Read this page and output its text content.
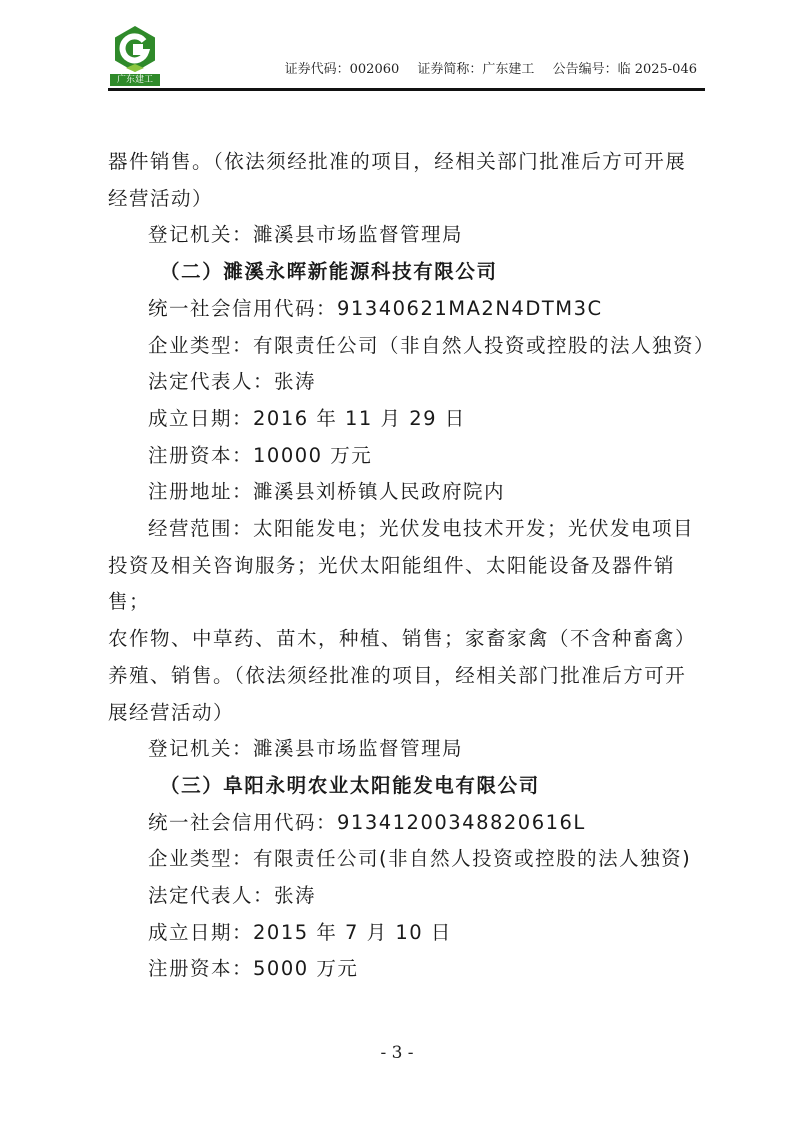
广东建工
证券代码：002060 证券简称：广东建工 公告编号：临 2025-046

器件销售。（依法须经批准的项目，经相关部门批准后方可开展

经营活动）

登记机关：濉溪县市场监督管理局

（二）濉溪永晖新能源科技有限公司

统一社会信用代码：91340621MA2N4DTM3C

企业类型：有限责任公司（非自然人投资或控股的法人独资）

法定代表人：张涛

成立日期：2016 年 11 月 29 日

注册资本：10000 万元

注册地址：濉溪县刘桥镇人民政府院内

经营范围：太阳能发电；光伏发电技术开发；光伏发电项目

投资及相关咨询服务；光伏太阳能组件、太阳能设备及器件销售；

农作物、中草药、苗木，种植、销售；家畜家禽（不含种畜禽）

养殖、销售。（依法须经批准的项目，经相关部门批准后方可开

展经营活动）

登记机关：濉溪县市场监督管理局

（三）阜阳永明农业太阳能发电有限公司

统一社会信用代码：91341200348820616L

企业类型：有限责任公司(非自然人投资或控股的法人独资)

法定代表人：张涛

成立日期：2015 年 7 月 10 日

注册资本：5000 万元

- 3 -
